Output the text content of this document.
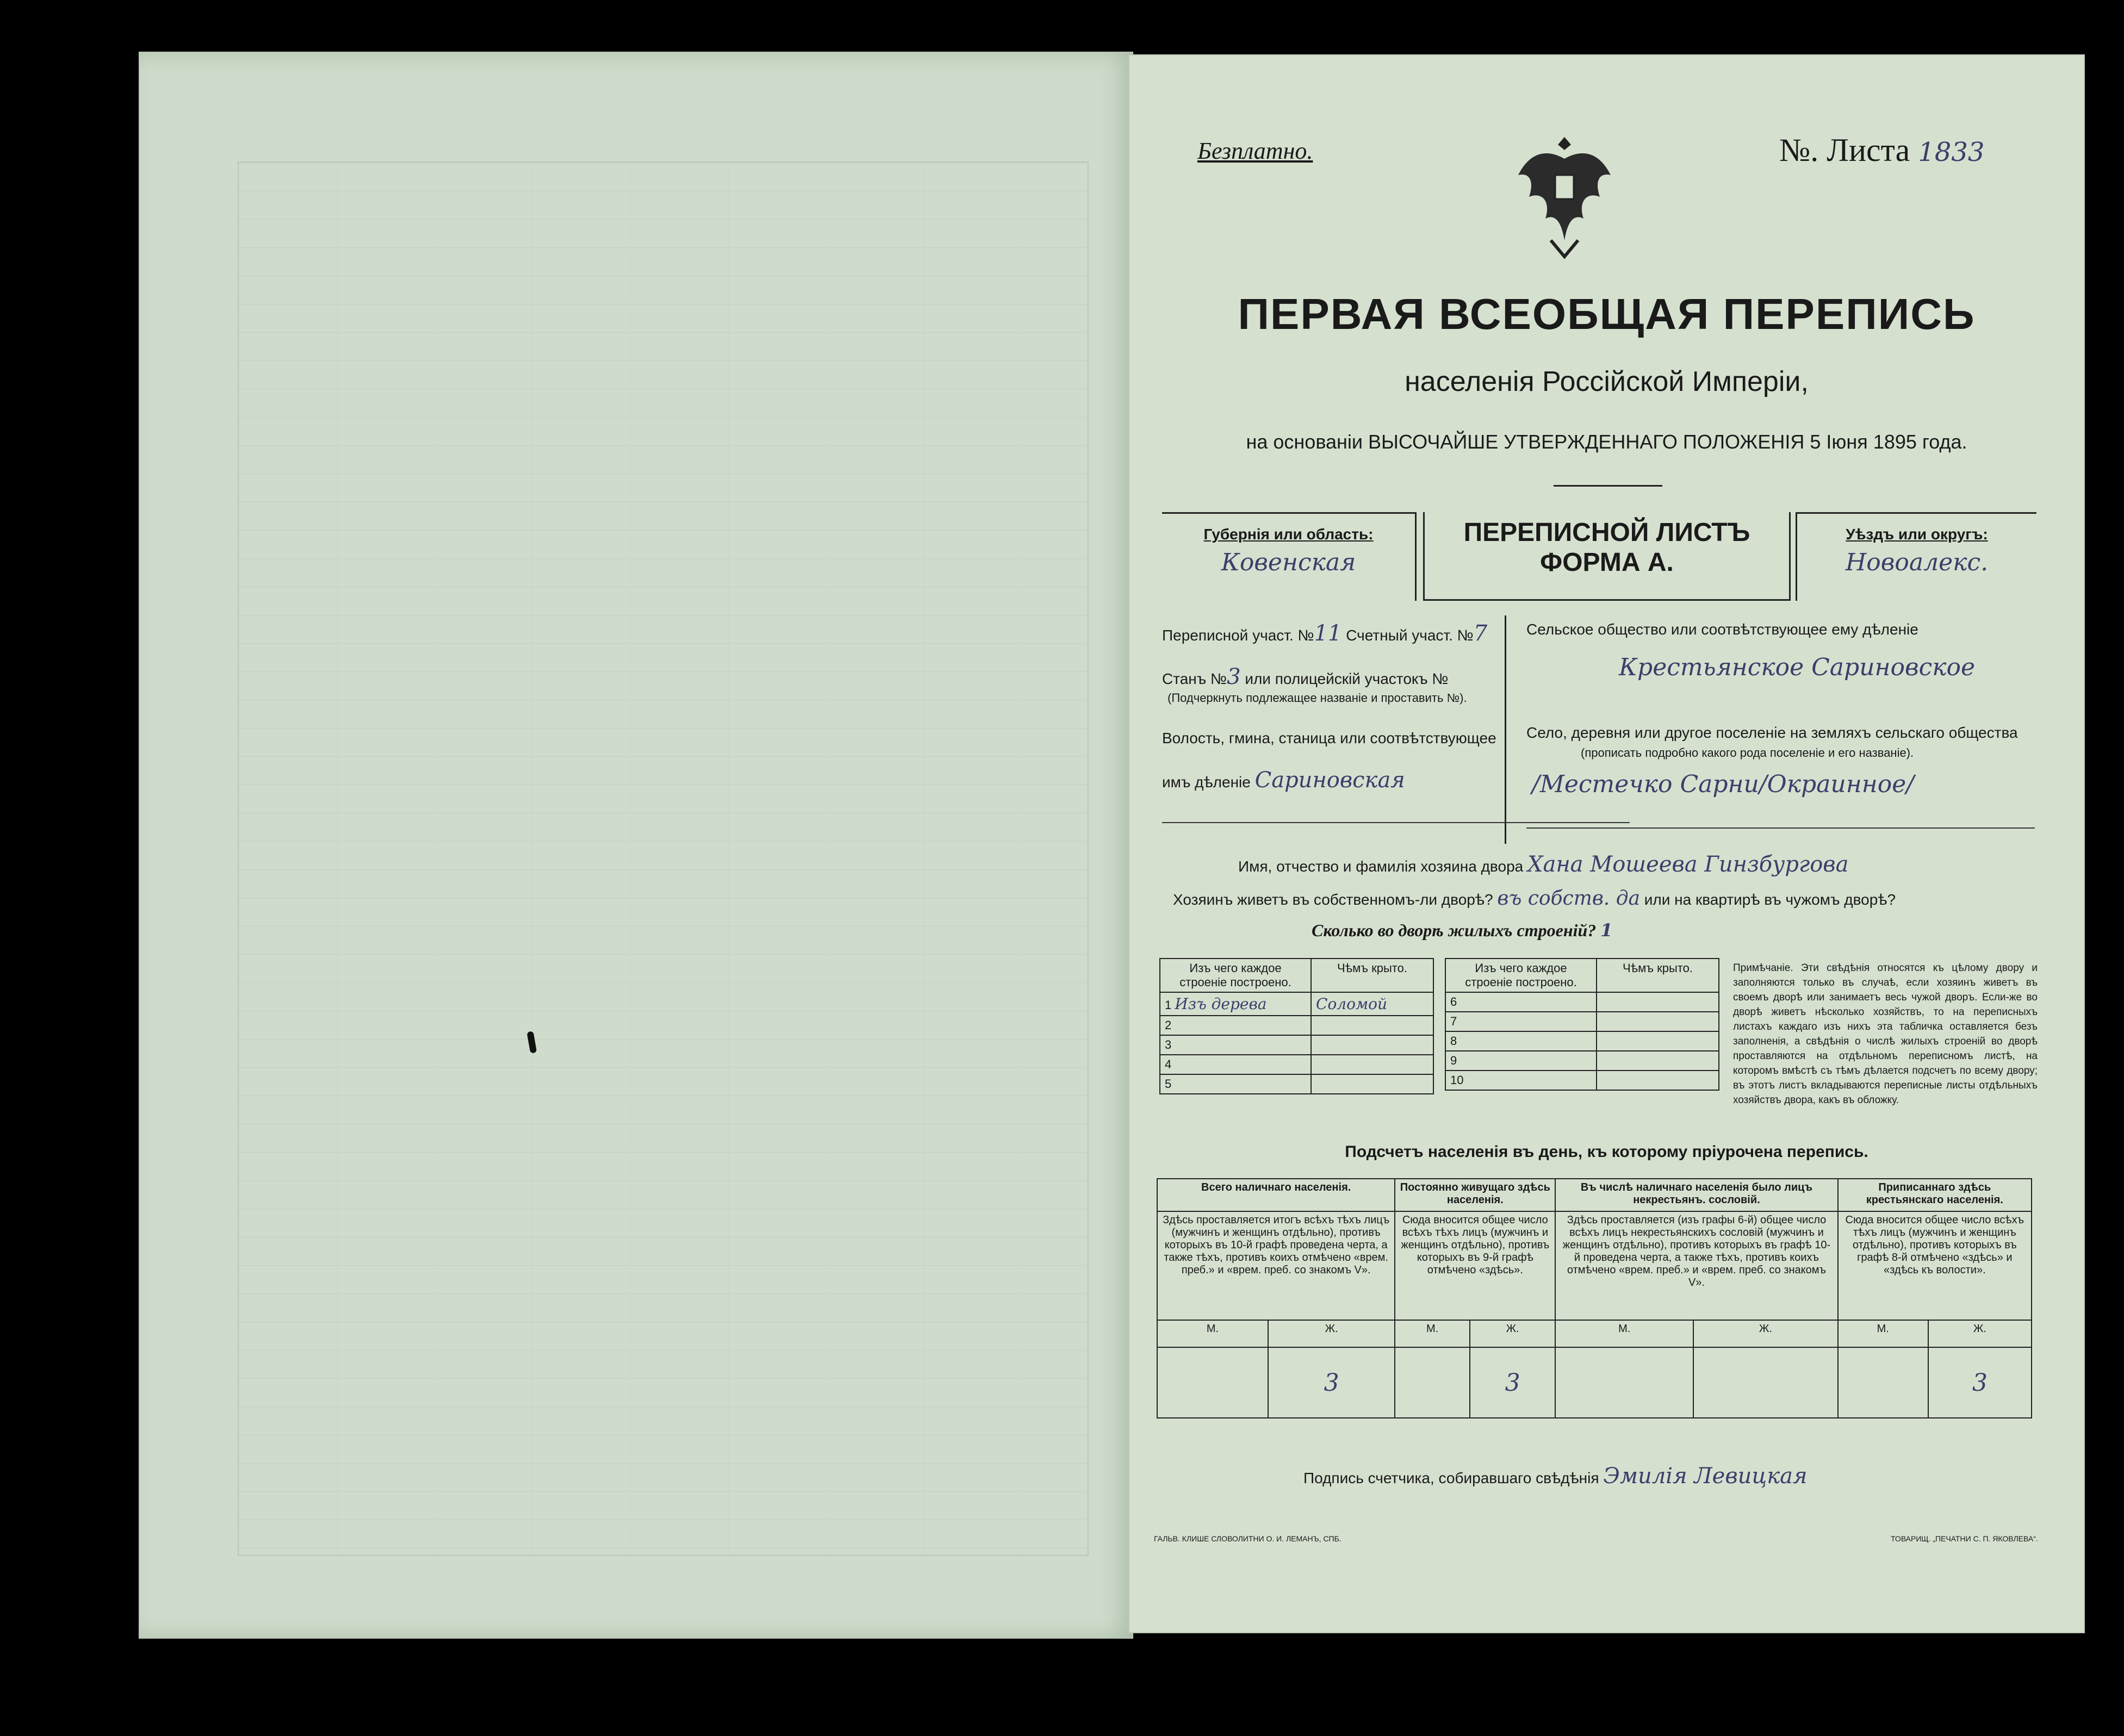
Безплатно.	№. Листа 1833
ПЕРВАЯ ВСЕОБЩАЯ ПЕРЕПИСЬ
населенія Россійской Имперіи,
на основаніи ВЫСОЧАЙШЕ УТВЕРЖДЕННАГО ПОЛОЖЕНІЯ 5 Іюня 1895 года.
Губернія или область:
Ковенская
ПЕРЕПИСНОЙ ЛИСТЪ
ФОРМА А.
Уѣздъ или округъ:
Новоалекс.
Переписной участ. №11 Счетный участ. №7
Станъ №3 или полицейскій участокъ №
(Подчеркнуть подлежащее названіе и проставить №).
Волость, гмина, станица или соотвѣтствующее
имъ дѣленіе Сариновская
Сельское общество или соотвѣтствующее ему дѣленіе
Крестьянское Сариновское
Село, деревня или другое поселеніе на земляхъ сельскаго общества
(прописать подробно какого рода поселеніе и его названіе).
/Местечко Сарни/Окраинное/
Имя, отчество и фамилія хозяина двора Хана Мошеева Гинзбургова
Хозяинъ живетъ въ собственномъ-ли дворѣ? въ собств. да или на квартирѣ въ чужомъ дворѣ?
Сколько во дворѣ жилыхъ строеній? 1
Изъ чего каждое строеніе построено.	Чѣмъ крыто.
1 Изъ дерева	Соломой
2	
3	
4	
5	
Изъ чего каждое строеніе построено.	Чѣмъ крыто.
6	
7	
8	
9	
10	
Примѣчаніе. Эти свѣдѣнія относятся къ цѣлому двору и заполняются только въ случаѣ, если хозяинъ живетъ въ своемъ дворѣ или занимаетъ весь чужой дворъ. Если-же во дворѣ живетъ нѣсколько хозяйствъ, то на переписныхъ листахъ каждаго изъ нихъ эта табличка оставляется безъ заполненія, а свѣдѣнія о числѣ жилыхъ строеній во дворѣ проставляются на отдѣльномъ переписномъ листѣ, на которомъ вмѣстѣ съ тѣмъ дѣлается подсчетъ по всему двору; въ этотъ листъ вкладываются переписные листы отдѣльныхъ хозяйствъ двора, какъ въ обложку.
Подсчетъ населенія въ день, къ которому пріурочена перепись.
Всего наличнаго населенія.		Постоянно живущаго здѣсь населенія.		Въ числѣ наличнаго населенія было лицъ некрестьянъ. сословій.		Приписаннаго здѣсь крестьянскаго населенія.	
Здѣсь проставляется итогъ всѣхъ тѣхъ лицъ (мужчинъ и женщинъ отдѣльно), противъ которыхъ въ 10-й графѣ проведена черта, а также тѣхъ, противъ коихъ отмѣчено «врем. преб.» и «врем. преб. со знакомъ V».		Сюда вносится общее число всѣхъ тѣхъ лицъ (мужчинъ и женщинъ отдѣльно), противъ которыхъ въ 9-й графѣ отмѣчено «здѣсь».		Здѣсь проставляется (изъ графы 6-й) общее число всѣхъ лицъ некрестьянскихъ сословій (мужчинъ и женщинъ отдѣльно), противъ которыхъ въ графѣ 10-й проведена черта, а также тѣхъ, противъ коихъ отмѣчено «врем. преб.» и «врем. преб. со знакомъ V».		Сюда вносится общее число всѣхъ тѣхъ лицъ (мужчинъ и женщинъ отдѣльно), противъ которыхъ въ графѣ 8-й отмѣчено «здѣсь» и «здѣсь къ волости».	
М.	Ж.	М.	Ж.	М.	Ж.	М.	Ж.
	3		3				3
Подпись счетчика, собиравшаго свѣдѣнія Эмилія Левицкая
ГАЛЬВ. КЛИШЕ СЛОВОЛИТНИ О. И. ЛЕМАНЪ, СПБ.	ТОВАРИЩ. „ПЕЧАТНИ С. П. ЯКОВЛЕВА“.
